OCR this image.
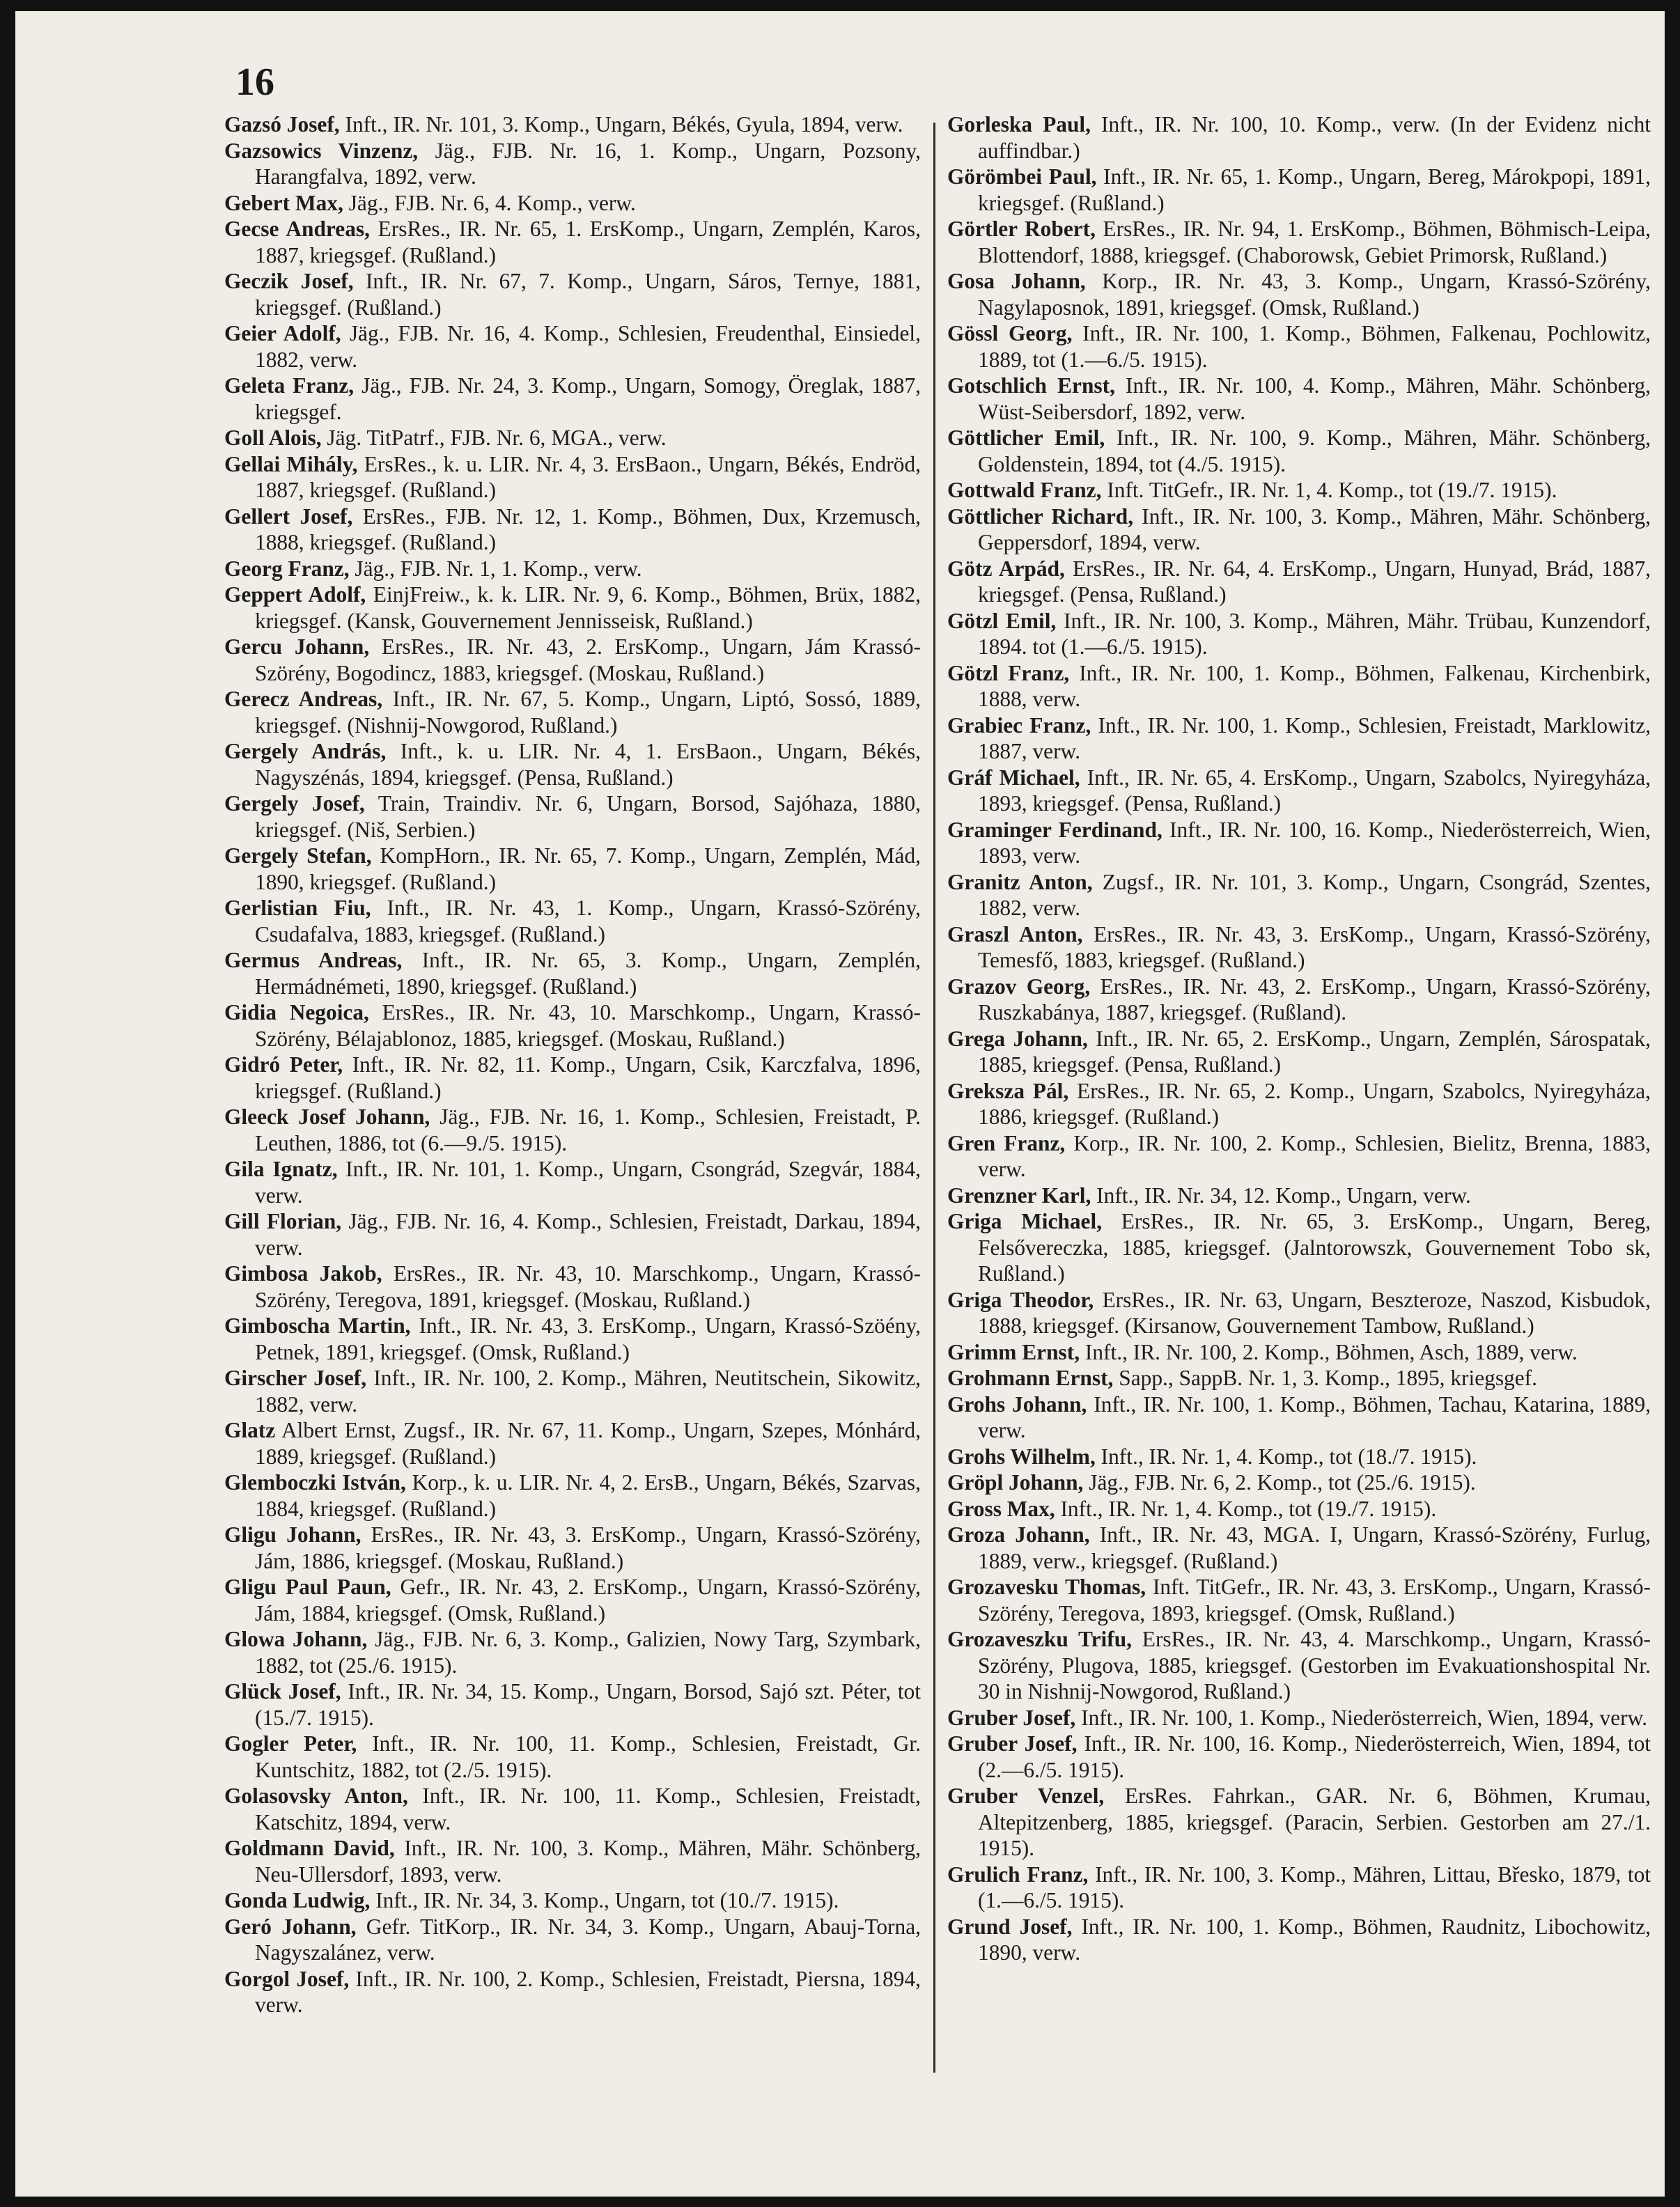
16
Gazsó Josef, Inft., IR. Nr. 101, 3. Komp., Ungarn, Békés, Gyula, 1894, verw.
Gazsowics Vinzenz, Jäg., FJB. Nr. 16, 1. Komp., Ungarn, Pozsony, Harangfalva, 1892, verw.
Gebert Max, Jäg., FJB. Nr. 6, 4. Komp., verw.
Gecse Andreas, ErsRes., IR. Nr. 65, 1. ErsKomp., Ungarn, Zemplén, Karos, 1887, kriegsgef. (Rußland.)
Geczik Josef, Inft., IR. Nr. 67, 7. Komp., Ungarn, Sáros, Ternye, 1881, kriegsgef. (Rußland.)
Geier Adolf, Jäg., FJB. Nr. 16, 4. Komp., Schlesien, Freudenthal, Einsiedel, 1882, verw.
Geleta Franz, Jäg., FJB. Nr. 24, 3. Komp., Ungarn, Somogy, Öreglak, 1887, kriegsgef.
Goll Alois, Jäg. TitPatrf., FJB. Nr. 6, MGA., verw.
Gellai Mihály, ErsRes., k. u. LIR. Nr. 4, 3. ErsBaon., Ungarn, Békés, Endröd, 1887, kriegsgef. (Rußland.)
Gellert Josef, ErsRes., FJB. Nr. 12, 1. Komp., Böhmen, Dux, Krzemusch, 1888, kriegsgef. (Rußland.)
Georg Franz, Jäg., FJB. Nr. 1, 1. Komp., verw.
Geppert Adolf, EinjFreiw., k. k. LIR. Nr. 9, 6. Komp., Böhmen, Brüx, 1882, kriegsgef. (Kansk, Gouvernement Jennisseisk, Rußland.)
Gercu Johann, ErsRes., IR. Nr. 43, 2. ErsKomp., Ungarn, Jám Krassó-Szörény, Bogodincz, 1883, kriegsgef. (Moskau, Rußland.)
Gerecz Andreas, Inft., IR. Nr. 67, 5. Komp., Ungarn, Liptó, Sossó, 1889, kriegsgef. (Nishnij-Nowgorod, Rußland.)
Gergely András, Inft., k. u. LIR. Nr. 4, 1. ErsBaon., Ungarn, Békés, Nagyszénás, 1894, kriegsgef. (Pensa, Rußland.)
Gergely Josef, Train, Traindiv. Nr. 6, Ungarn, Borsod, Sajóhaza, 1880, kriegsgef. (Niš, Serbien.)
Gergely Stefan, KompHorn., IR. Nr. 65, 7. Komp., Ungarn, Zemplén, Mád, 1890, kriegsgef. (Rußland.)
Gerlistian Fiu, Inft., IR. Nr. 43, 1. Komp., Ungarn, Krassó-Szörény, Csudafalva, 1883, kriegsgef. (Rußland.)
Germus Andreas, Inft., IR. Nr. 65, 3. Komp., Ungarn, Zemplén, Hermádnémeti, 1890, kriegsgef. (Rußland.)
Gidia Negoica, ErsRes., IR. Nr. 43, 10. Marschkomp., Ungarn, Krassó-Szörény, Bélajablonoz, 1885, kriegsgef. (Moskau, Rußland.)
Gidró Peter, Inft., IR. Nr. 82, 11. Komp., Ungarn, Csik, Karczfalva, 1896, kriegsgef. (Rußland.)
Gleeck Josef Johann, Jäg., FJB. Nr. 16, 1. Komp., Schlesien, Freistadt, P. Leuthen, 1886, tot (6.—9./5. 1915).
Gila Ignatz, Inft., IR. Nr. 101, 1. Komp., Ungarn, Csongrád, Szegvár, 1884, verw.
Gill Florian, Jäg., FJB. Nr. 16, 4. Komp., Schlesien, Freistadt, Darkau, 1894, verw.
Gimbosa Jakob, ErsRes., IR. Nr. 43, 10. Marschkomp., Ungarn, Krassó-Szörény, Teregova, 1891, kriegsgef. (Moskau, Rußland.)
Gimboscha Martin, Inft., IR. Nr. 43, 3. ErsKomp., Ungarn, Krassó-Szöény, Petnek, 1891, kriegsgef. (Omsk, Rußland.)
Girscher Josef, Inft., IR. Nr. 100, 2. Komp., Mähren, Neutitschein, Sikowitz, 1882, verw.
Glatz Albert Ernst, Zugsf., IR. Nr. 67, 11. Komp., Ungarn, Szepes, Mónhárd, 1889, kriegsgef. (Rußland.)
Glemboczki István, Korp., k. u. LIR. Nr. 4, 2. ErsB., Ungarn, Békés, Szarvas, 1884, kriegsgef. (Rußland.)
Gligu Johann, ErsRes., IR. Nr. 43, 3. ErsKomp., Ungarn, Krassó-Szörény, Jám, 1886, kriegsgef. (Moskau, Rußland.)
Gligu Paul Paun, Gefr., IR. Nr. 43, 2. ErsKomp., Ungarn, Krassó-Szörény, Jám, 1884, kriegsgef. (Omsk, Rußland.)
Glowa Johann, Jäg., FJB. Nr. 6, 3. Komp., Galizien, Nowy Targ, Szymbark, 1882, tot (25./6. 1915).
Glück Josef, Inft., IR. Nr. 34, 15. Komp., Ungarn, Borsod, Sajó szt. Péter, tot (15./7. 1915).
Gogler Peter, Inft., IR. Nr. 100, 11. Komp., Schlesien, Freistadt, Gr. Kuntschitz, 1882, tot (2./5. 1915).
Golasovsky Anton, Inft., IR. Nr. 100, 11. Komp., Schlesien, Freistadt, Katschitz, 1894, verw.
Goldmann David, Inft., IR. Nr. 100, 3. Komp., Mähren, Mähr. Schönberg, Neu-Ullersdorf, 1893, verw.
Gonda Ludwig, Inft., IR. Nr. 34, 3. Komp., Ungarn, tot (10./7. 1915).
Geró Johann, Gefr. TitKorp., IR. Nr. 34, 3. Komp., Ungarn, Abauj-Torna, Nagyszalánez, verw.
Gorgol Josef, Inft., IR. Nr. 100, 2. Komp., Schlesien, Freistadt, Piersna, 1894, verw.
Gorleska Paul, Inft., IR. Nr. 100, 10. Komp., verw. (In der Evidenz nicht auffindbar.)
Görömbei Paul, Inft., IR. Nr. 65, 1. Komp., Ungarn, Bereg, Márokpopi, 1891, kriegsgef. (Rußland.)
Görtler Robert, ErsRes., IR. Nr. 94, 1. ErsKomp., Böhmen, Böhmisch-Leipa, Blottendorf, 1888, kriegsgef. (Chaborowsk, Gebiet Primorsk, Rußland.)
Gosa Johann, Korp., IR. Nr. 43, 3. Komp., Ungarn, Krassó-Szörény, Nagylaposnok, 1891, kriegsgef. (Omsk, Rußland.)
Gössl Georg, Inft., IR. Nr. 100, 1. Komp., Böhmen, Falkenau, Pochlowitz, 1889, tot (1.—6./5. 1915).
Gotschlich Ernst, Inft., IR. Nr. 100, 4. Komp., Mähren, Mähr. Schönberg, Wüst-Seibersdorf, 1892, verw.
Göttlicher Emil, Inft., IR. Nr. 100, 9. Komp., Mähren, Mähr. Schönberg, Goldenstein, 1894, tot (4./5. 1915).
Gottwald Franz, Inft. TitGefr., IR. Nr. 1, 4. Komp., tot (19./7. 1915).
Göttlicher Richard, Inft., IR. Nr. 100, 3. Komp., Mähren, Mähr. Schönberg, Geppersdorf, 1894, verw.
Götz Arpád, ErsRes., IR. Nr. 64, 4. ErsKomp., Ungarn, Hunyad, Brád, 1887, kriegsgef. (Pensa, Rußland.)
Götzl Emil, Inft., IR. Nr. 100, 3. Komp., Mähren, Mähr. Trübau, Kunzendorf, 1894. tot (1.—6./5. 1915).
Götzl Franz, Inft., IR. Nr. 100, 1. Komp., Böhmen, Falkenau, Kirchenbirk, 1888, verw.
Grabiec Franz, Inft., IR. Nr. 100, 1. Komp., Schlesien, Freistadt, Marklowitz, 1887, verw.
Gráf Michael, Inft., IR. Nr. 65, 4. ErsKomp., Ungarn, Szabolcs, Nyiregyháza, 1893, kriegsgef. (Pensa, Rußland.)
Graminger Ferdinand, Inft., IR. Nr. 100, 16. Komp., Niederösterreich, Wien, 1893, verw.
Granitz Anton, Zugsf., IR. Nr. 101, 3. Komp., Ungarn, Csongrád, Szentes, 1882, verw.
Graszl Anton, ErsRes., IR. Nr. 43, 3. ErsKomp., Ungarn, Krassó-Szörény, Temesfő, 1883, kriegsgef. (Rußland.)
Grazov Georg, ErsRes., IR. Nr. 43, 2. ErsKomp., Ungarn, Krassó-Szörény, Ruszkabánya, 1887, kriegsgef. (Rußland).
Grega Johann, Inft., IR. Nr. 65, 2. ErsKomp., Ungarn, Zemplén, Sárospatak, 1885, kriegsgef. (Pensa, Rußland.)
Greksza Pál, ErsRes., IR. Nr. 65, 2. Komp., Ungarn, Szabolcs, Nyiregyháza, 1886, kriegsgef. (Rußland.)
Gren Franz, Korp., IR. Nr. 100, 2. Komp., Schlesien, Bielitz, Brenna, 1883, verw.
Grenzner Karl, Inft., IR. Nr. 34, 12. Komp., Ungarn, verw.
Griga Michael, ErsRes., IR. Nr. 65, 3. ErsKomp., Ungarn, Bereg, Felsővereczka, 1885, kriegsgef. (Jalntorowszk, Gouvernement Tobo sk, Rußland.)
Griga Theodor, ErsRes., IR. Nr. 63, Ungarn, Beszteroze, Naszod, Kisbudok, 1888, kriegsgef. (Kirsanow, Gouvernement Tambow, Rußland.)
Grimm Ernst, Inft., IR. Nr. 100, 2. Komp., Böhmen, Asch, 1889, verw.
Grohmann Ernst, Sapp., SappB. Nr. 1, 3. Komp., 1895, kriegsgef.
Grohs Johann, Inft., IR. Nr. 100, 1. Komp., Böhmen, Tachau, Katarina, 1889, verw.
Grohs Wilhelm, Inft., IR. Nr. 1, 4. Komp., tot (18./7. 1915).
Gröpl Johann, Jäg., FJB. Nr. 6, 2. Komp., tot (25./6. 1915).
Gross Max, Inft., IR. Nr. 1, 4. Komp., tot (19./7. 1915).
Groza Johann, Inft., IR. Nr. 43, MGA. I, Ungarn, Krassó-Szörény, Furlug, 1889, verw., kriegsgef. (Rußland.)
Grozavesku Thomas, Inft. TitGefr., IR. Nr. 43, 3. ErsKomp., Ungarn, Krassó-Szörény, Teregova, 1893, kriegsgef. (Omsk, Rußland.)
Grozaveszku Trifu, ErsRes., IR. Nr. 43, 4. Marschkomp., Ungarn, Krassó-Szörény, Plugova, 1885, kriegsgef. (Gestorben im Evakuationshospital Nr. 30 in Nishnij-Nowgorod, Rußland.)
Gruber Josef, Inft., IR. Nr. 100, 1. Komp., Niederösterreich, Wien, 1894, verw.
Gruber Josef, Inft., IR. Nr. 100, 16. Komp., Niederösterreich, Wien, 1894, tot (2.—6./5. 1915).
Gruber Venzel, ErsRes. Fahrkan., GAR. Nr. 6, Böhmen, Krumau, Altepitzenberg, 1885, kriegsgef. (Paracin, Serbien. Gestorben am 27./1. 1915).
Grulich Franz, Inft., IR. Nr. 100, 3. Komp., Mähren, Littau, Břesko, 1879, tot (1.—6./5. 1915).
Grund Josef, Inft., IR. Nr. 100, 1. Komp., Böhmen, Raudnitz, Libochowitz, 1890, verw.
